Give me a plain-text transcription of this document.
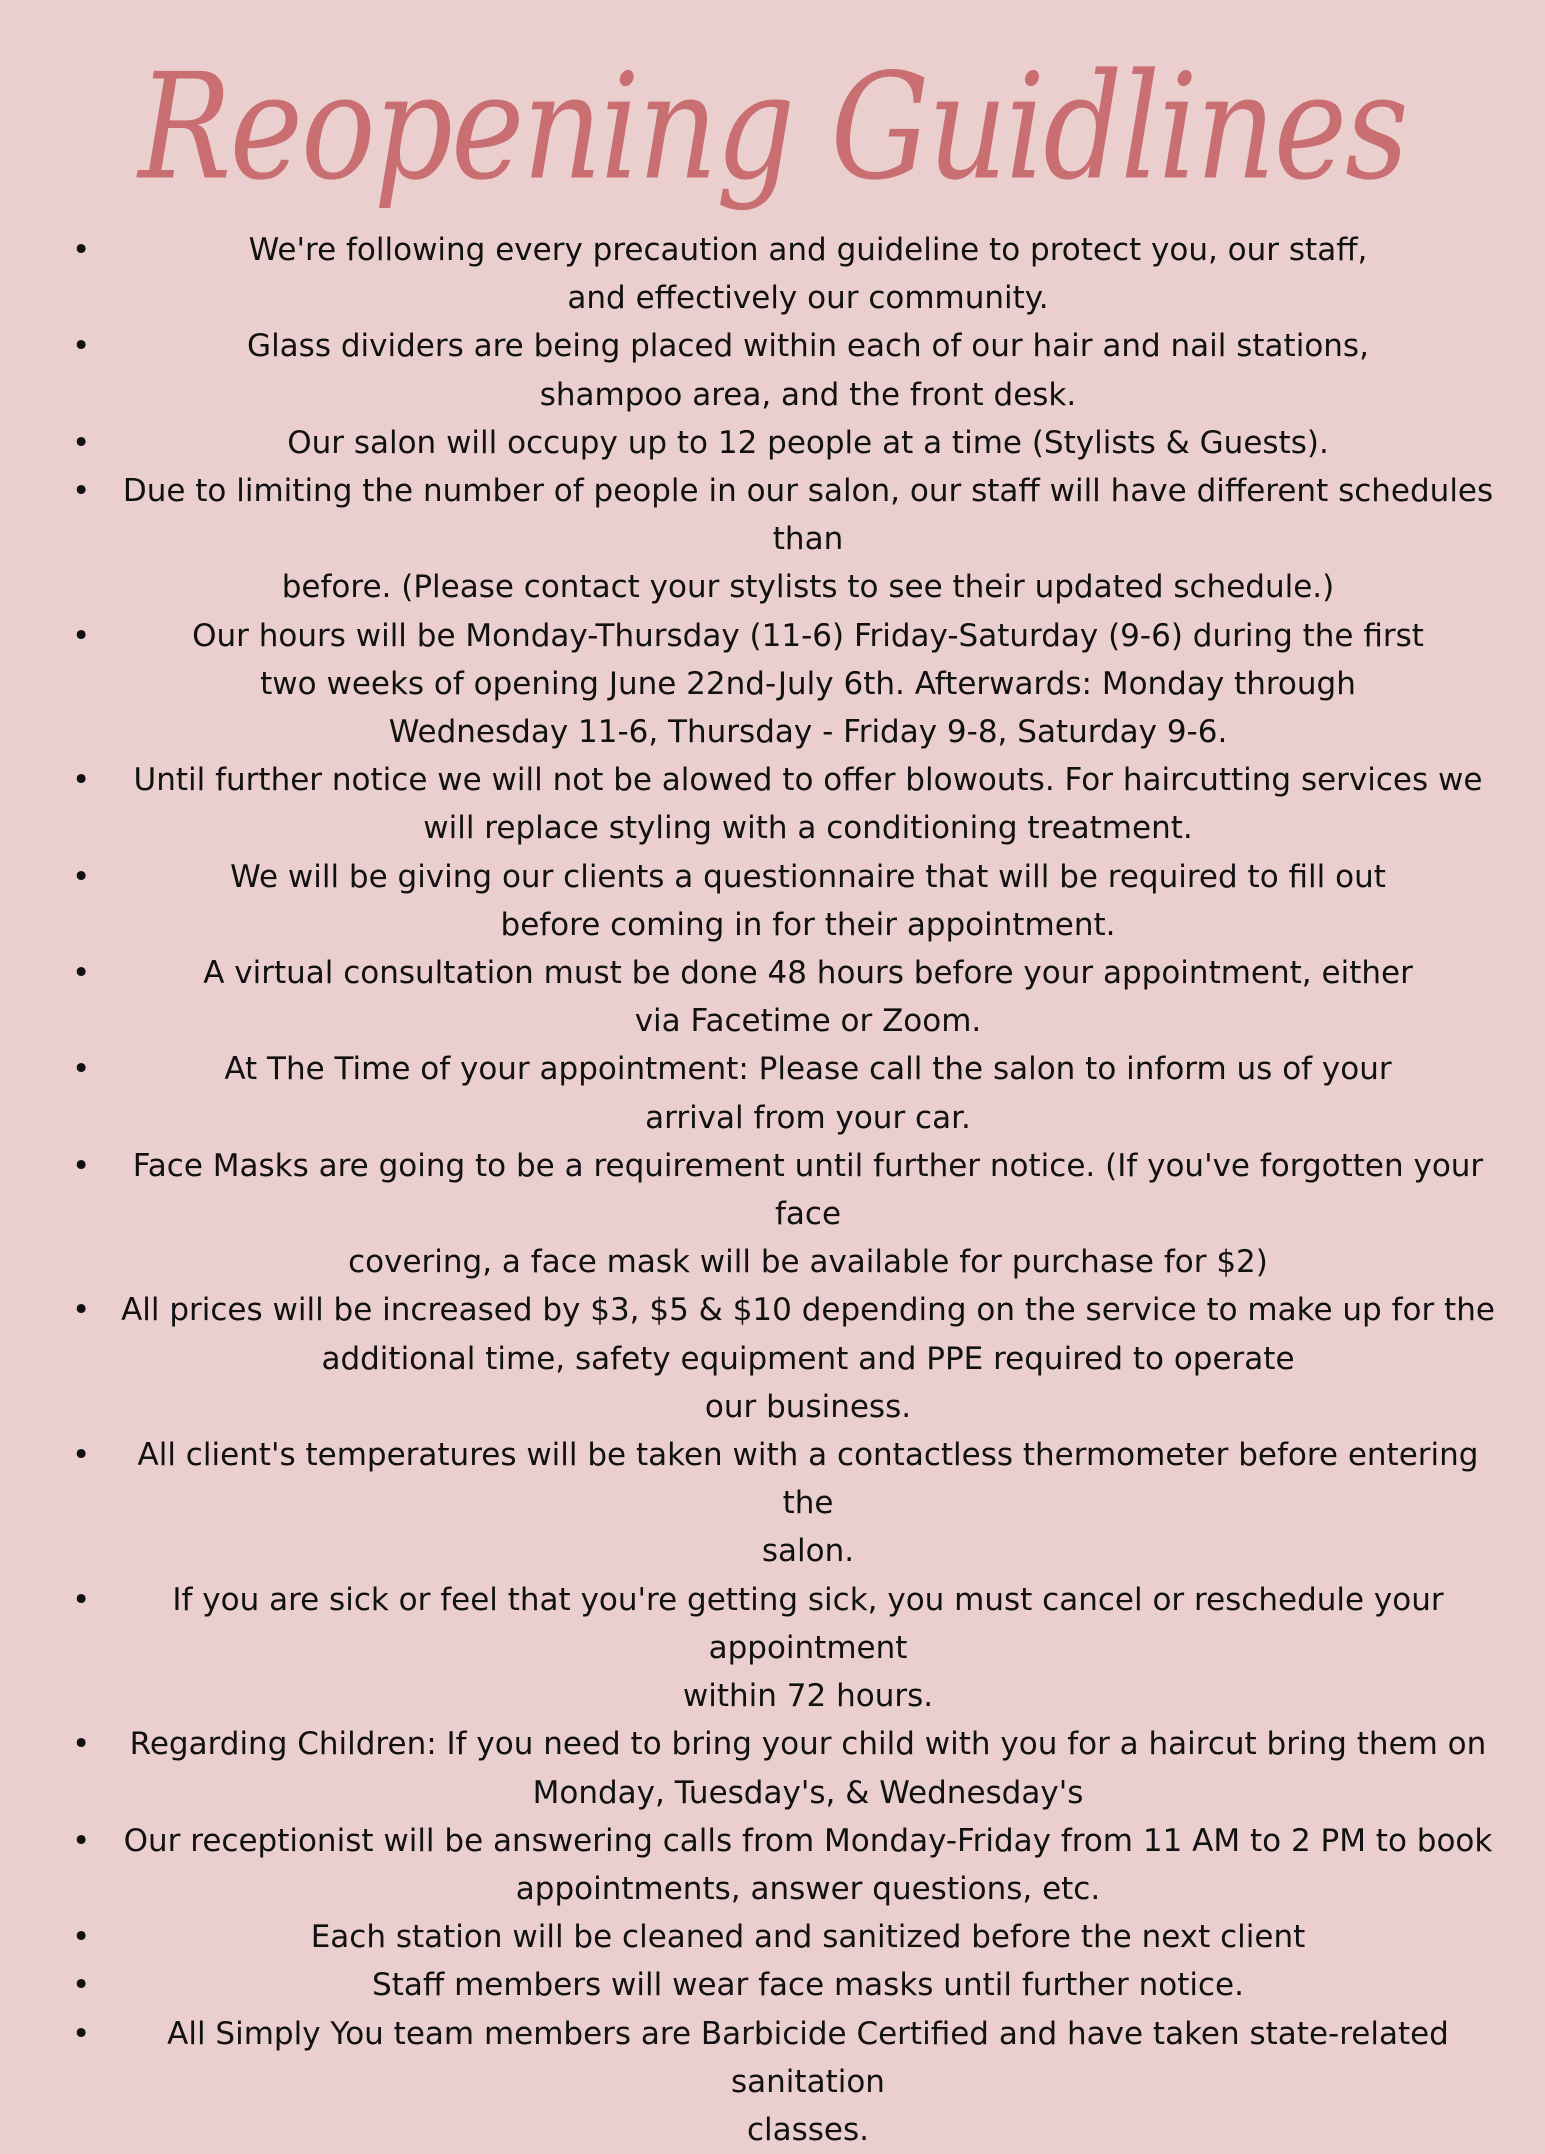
Reopening Guidlines
•	We're following every precaution and guideline to protect you, our staff,
and effectively our community.
•	Glass dividers are being placed within each of our hair and nail stations,
shampoo area, and the front desk.
•	Our salon will occupy up to 12 people at a time (Stylists & Guests).
•	Due to limiting the number of people in our salon, our staff will have different schedules than
before. (Please contact your stylists to see their updated schedule.)
•	Our hours will be Monday-Thursday (11-6) Friday-Saturday (9-6) during the first
two weeks of opening June 22nd-July 6th. Afterwards: Monday through
Wednesday 11-6, Thursday - Friday 9-8, Saturday 9-6.
•	Until further notice we will not be alowed to offer blowouts. For haircutting services we
will replace styling with a conditioning treatment.
•	We will be giving our clients a questionnaire that will be required to fill out
before coming in for their appointment.
•	A virtual consultation must be done 48 hours before your appointment, either
via Facetime or Zoom.
•	At The Time of your appointment: Please call the salon to inform us of your
arrival from your car.
•	Face Masks are going to be a requirement until further notice. (If you've forgotten your face
covering, a face mask will be available for purchase for $2)
• All prices will be increased by $3, $5 & $10 depending on the service to make up for the
additional time, safety equipment and PPE required to operate
our business.
•	All client's temperatures will be taken with a contactless thermometer before entering the
salon.
•	If you are sick or feel that you're getting sick, you must cancel or reschedule your appointment
within 72 hours.
•	Regarding Children: If you need to bring your child with you for a haircut bring them on
Monday, Tuesday's, & Wednesday's
•	Our receptionist will be answering calls from Monday-Friday from 11 AM to 2 PM to book
appointments, answer questions, etc.
•	Each station will be cleaned and sanitized before the next client
•	Staff members will wear face masks until further notice.
•	All Simply You team members are Barbicide Certified and have taken state-related sanitation
classes.
